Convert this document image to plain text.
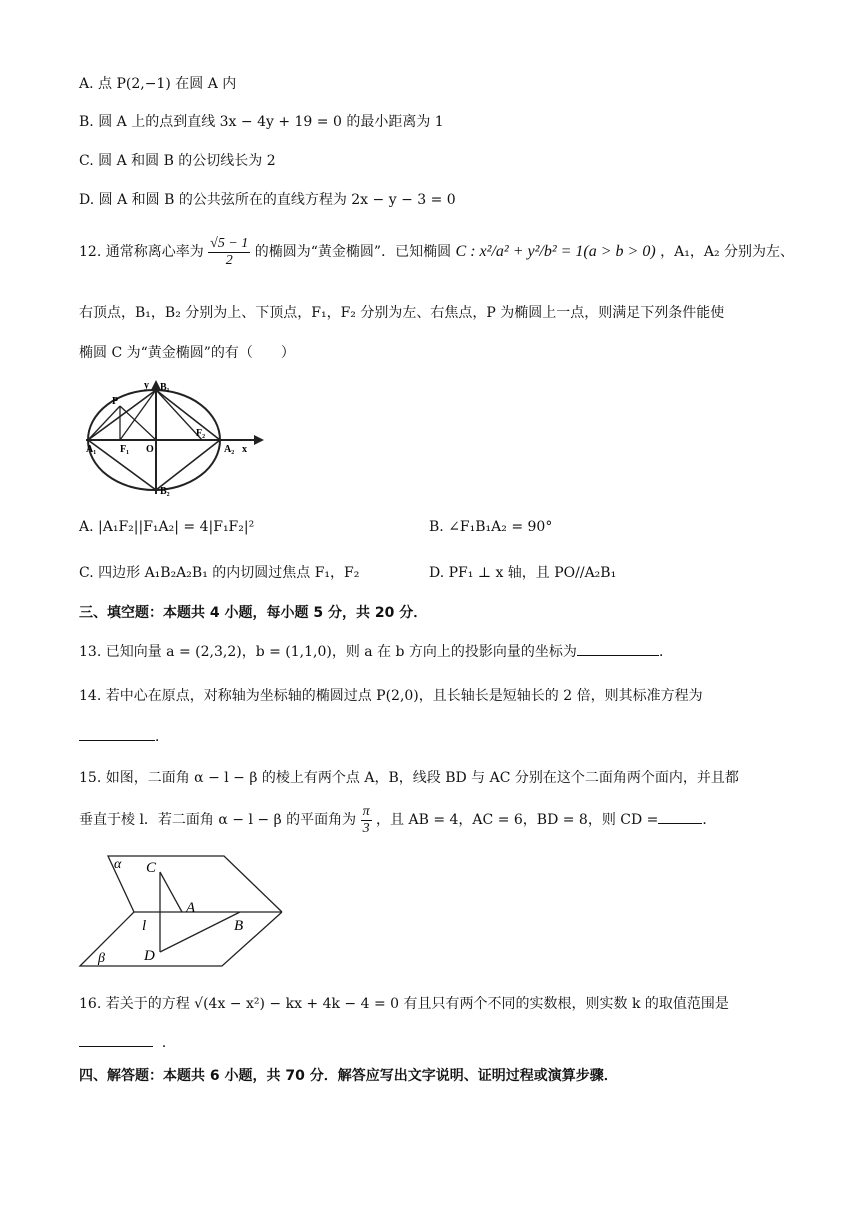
A. 点 P(2,−1) 在圆 A 内
B. 圆 A 上的点到直线 3x − 4y + 19 = 0 的最小距离为 1
C. 圆 A 和圆 B 的公切线长为 2
D. 圆 A 和圆 B 的公共弦所在的直线方程为 2x − y − 3 = 0
12. 通常称离心率为 $\frac{√5 - 1}{2}$ 的椭圆为“黄金椭圆”．已知椭圆 C : x²/a² + y²/b² = 1(a > b > 0) ，A₁，A₂ 分别为左、
右顶点，B₁，B₂ 分别为上、下顶点，F₁，F₂ 分别为左、右焦点，P 为椭圆上一点，则满足下列条件能使
椭圆 C 为“黄金椭圆”的有（　　）
y B₁
B₂
P
A₁	A₂
F₁
F₂
O	x
A. |A₁F₂||F₁A₂| = 4|F₁F₂|²	B. ∠F₁B₁A₂ = 90°
C. 四边形 A₁B₂A₂B₁ 的内切圆过焦点 F₁，F₂	D. PF₁ ⊥ x 轴，且 PO//A₂B₁
三、填空题：本题共 4 小题，每小题 5 分，共 20 分．
13. 已知向量 a = (2,3,2)，b = (1,1,0)，则 a 在 b 方向上的投影向量的坐标为	．
14. 若中心在原点，对称轴为坐标轴的椭圆过点 P(2,0)，且长轴长是短轴长的 2 倍，则其标准方程为
．
15. 如图，二面角 α − l − β 的棱上有两个点 A，B，线段 BD 与 AC 分别在这个二面角两个面内，并且都
垂直于棱 l．若二面角 α − l − β 的平面角为 $\frac{\pi}{3}$ ，且 AB = 4，AC = 6，BD = 8，则 CD =	．
α C
A
l	B
D
β
16. 若关于的方程 √(4x − x²) − kx + 4k − 4 = 0 有且只有两个不同的实数根，则实数 k 的取值范围是
．
四、解答题：本题共 6 小题，共 70 分．解答应写出文字说明、证明过程或演算步骤．
